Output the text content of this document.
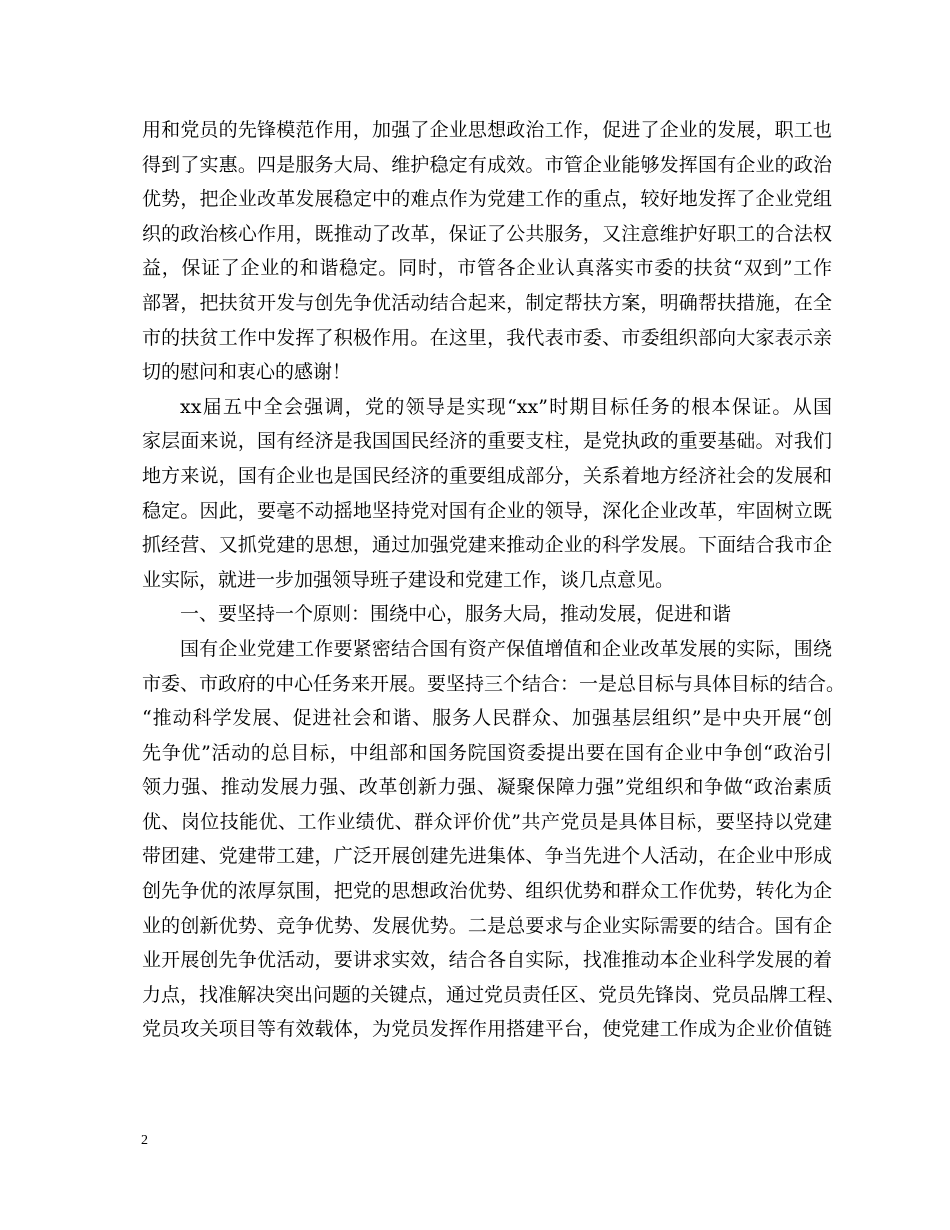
用和党员的先锋模范作用，加强了企业思想政治工作，促进了企业的发展，职工也
得到了实惠。四是服务大局、维护稳定有成效。市管企业能够发挥国有企业的政治
优势，把企业改革发展稳定中的难点作为党建工作的重点，较好地发挥了企业党组
织的政治核心作用，既推动了改革，保证了公共服务，又注意维护好职工的合法权
益，保证了企业的和谐稳定。同时，市管各企业认真落实市委的扶贫“双到”工作
部署，把扶贫开发与创先争优活动结合起来，制定帮扶方案，明确帮扶措施，在全
市的扶贫工作中发挥了积极作用。在这里，我代表市委、市委组织部向大家表示亲
切的慰问和衷心的感谢！
xx届五中全会强调，党的领导是实现“xx”时期目标任务的根本保证。从国
家层面来说，国有经济是我国国民经济的重要支柱，是党执政的重要基础。对我们
地方来说，国有企业也是国民经济的重要组成部分，关系着地方经济社会的发展和
稳定。因此，要毫不动摇地坚持党对国有企业的领导，深化企业改革，牢固树立既
抓经营、又抓党建的思想，通过加强党建来推动企业的科学发展。下面结合我市企
业实际，就进一步加强领导班子建设和党建工作，谈几点意见。
一、要坚持一个原则：围绕中心，服务大局，推动发展，促进和谐
国有企业党建工作要紧密结合国有资产保值增值和企业改革发展的实际，围绕
市委、市政府的中心任务来开展。要坚持三个结合：一是总目标与具体目标的结合。
“推动科学发展、促进社会和谐、服务人民群众、加强基层组织”是中央开展“创
先争优”活动的总目标，中组部和国务院国资委提出要在国有企业中争创“政治引
领力强、推动发展力强、改革创新力强、凝聚保障力强”党组织和争做“政治素质
优、岗位技能优、工作业绩优、群众评价优”共产党员是具体目标，要坚持以党建
带团建、党建带工建，广泛开展创建先进集体、争当先进个人活动，在企业中形成
创先争优的浓厚氛围，把党的思想政治优势、组织优势和群众工作优势，转化为企
业的创新优势、竞争优势、发展优势。二是总要求与企业实际需要的结合。国有企
业开展创先争优活动，要讲求实效，结合各自实际，找准推动本企业科学发展的着
力点，找准解决突出问题的关键点，通过党员责任区、党员先锋岗、党员品牌工程、
党员攻关项目等有效载体，为党员发挥作用搭建平台，使党建工作成为企业价值链
2
